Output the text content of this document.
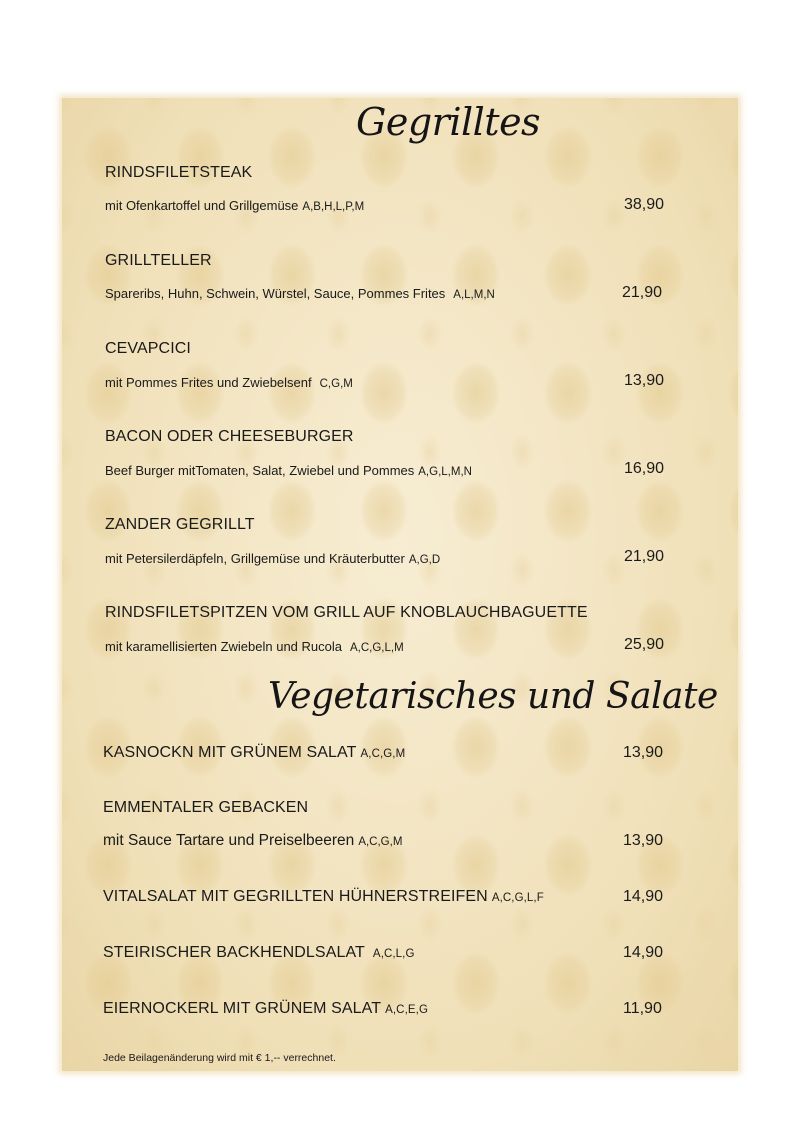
Gegrilltes
RINDSFILETSTEAK
mit Ofenkartoffel und Grillgemüse A,B,H,L,P,M	38,90
GRILLTELLER
Spareribs, Huhn, Schwein, Würstel, Sauce, Pommes Frites A,L,M,N	21,90
CEVAPCICI
mit Pommes Frites und Zwiebelsenf C,G,M	13,90
BACON ODER CHEESEBURGER
Beef Burger mitTomaten, Salat, Zwiebel und Pommes A,G,L,M,N	16,90
ZANDER GEGRILLT
mit Petersilerdäpfeln, Grillgemüse und Kräuterbutter A,G,D	21,90
RINDSFILETSPITZEN VOM GRILL AUF KNOBLAUCHBAGUETTE
mit karamellisierten Zwiebeln und Rucola A,C,G,L,M	25,90
Vegetarisches und Salate
KASNOCKN MIT GRÜNEM SALAT A,C,G,M	13,90
EMMENTALER GEBACKEN
mit Sauce Tartare und Preiselbeeren A,C,G,M	13,90
VITALSALAT MIT GEGRILLTEN HÜHNERSTREIFEN A,C,G,L,F	14,90
STEIRISCHER BACKHENDLSALAT A,C,L,G	14,90
EIERNOCKERL MIT GRÜNEM SALAT A,C,E,G	11,90
Jede Beilagenänderung wird mit € 1,-- verrechnet.
